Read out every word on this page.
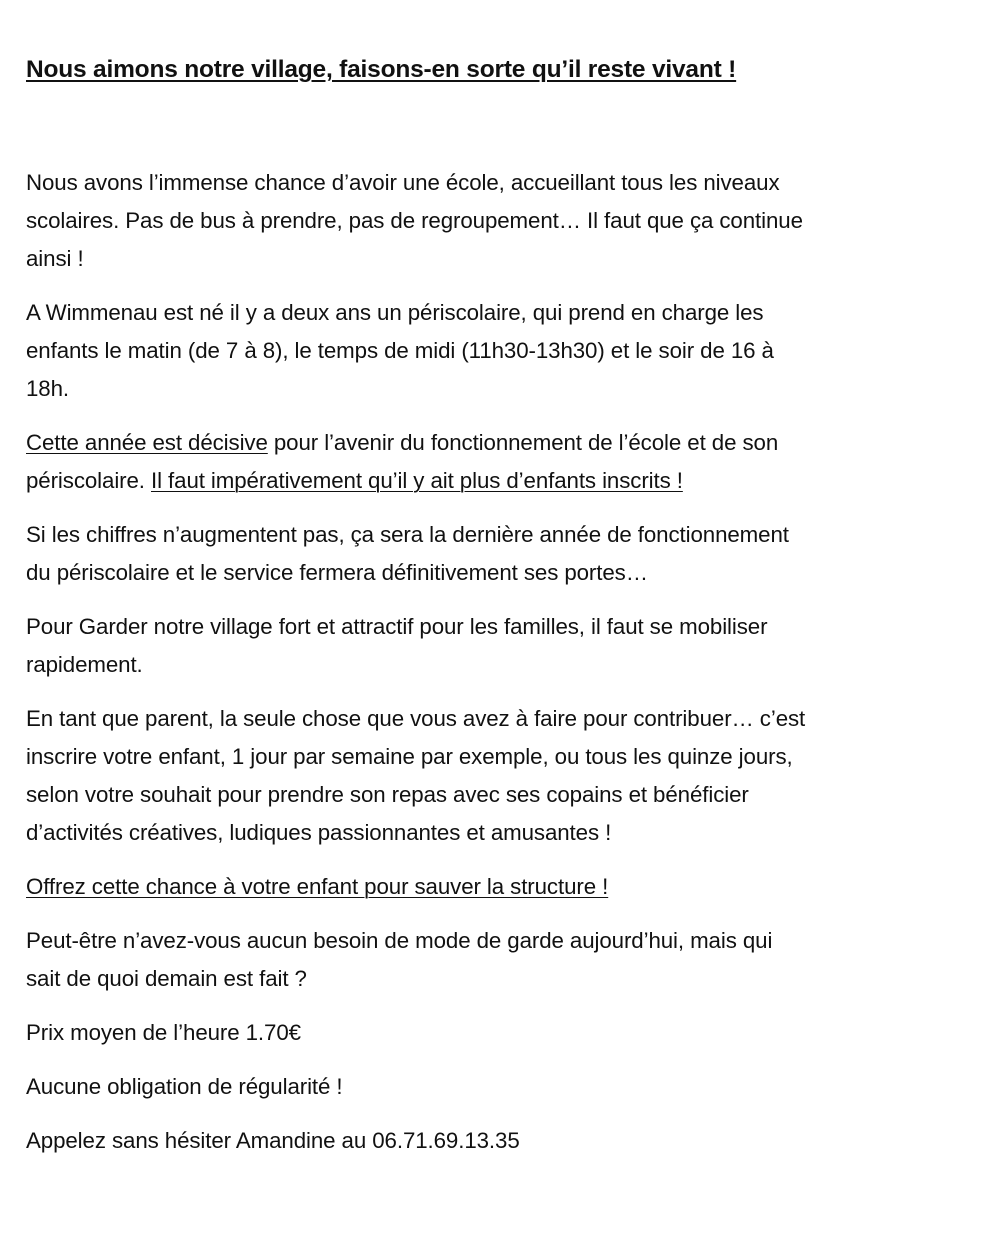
Nous aimons notre village, faisons-en sorte qu’il reste vivant !

Nous avons l’immense chance d’avoir une école, accueillant tous les niveaux
scolaires. Pas de bus à prendre, pas de regroupement… Il faut que ça continue
ainsi !

A Wimmenau est né il y a deux ans un périscolaire, qui prend en charge les
enfants le matin (de 7 à 8), le temps de midi (11h30-13h30) et le soir de 16 à
18h.

Cette année est décisive pour l’avenir du fonctionnement de l’école et de son
périscolaire. Il faut impérativement qu’il y ait plus d’enfants inscrits !

Si les chiffres n’augmentent pas, ça sera la dernière année de fonctionnement
du périscolaire et le service fermera définitivement ses portes…

Pour Garder notre village fort et attractif pour les familles, il faut se mobiliser
rapidement.

En tant que parent, la seule chose que vous avez à faire pour contribuer… c’est
inscrire votre enfant, 1 jour par semaine par exemple, ou tous les quinze jours,
selon votre souhait pour prendre son repas avec ses copains et bénéficier
d’activités créatives, ludiques passionnantes et amusantes !

Offrez cette chance à votre enfant pour sauver la structure !

Peut-être n’avez-vous aucun besoin de mode de garde aujourd’hui, mais qui
sait de quoi demain est fait ?

Prix moyen de l’heure 1.70€

Aucune obligation de régularité !

Appelez sans hésiter Amandine au 06.71.69.13.35
